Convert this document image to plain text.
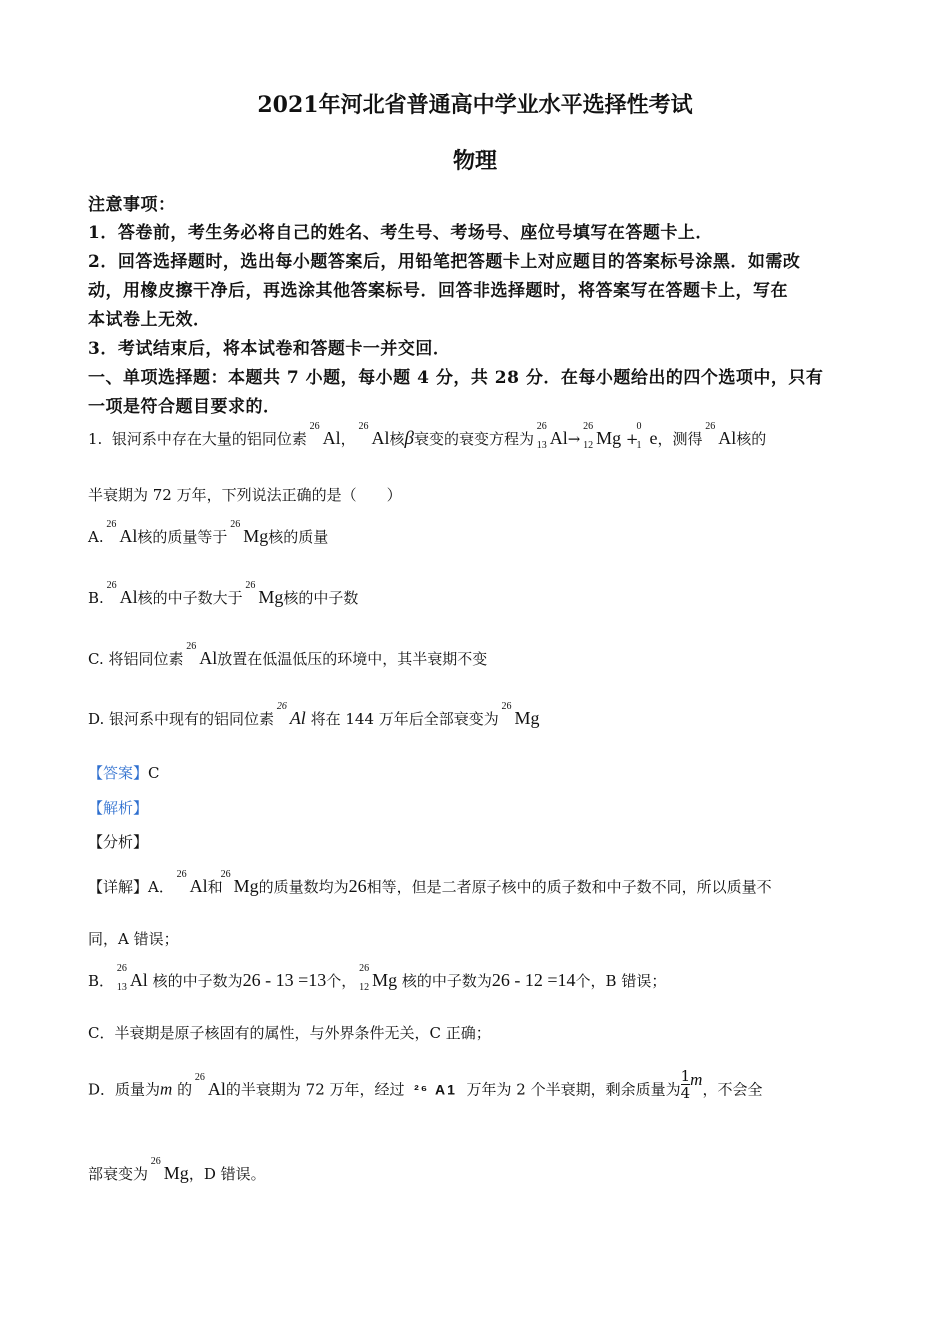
2021年河北省普通高中学业水平选择性考试
物理
注意事项：
1．答卷前，考生务必将自己的姓名、考生号、考场号、座位号填写在答题卡上．
2．回答选择题时，选出每小题答案后，用铅笔把答题卡上对应题目的答案标号涂黑．如需改
动，用橡皮擦干净后，再选涂其他答案标号．回答非选择题时，将答案写在答题卡上，写在
本试卷上无效．
3．考试结束后，将本试卷和答题卡一并交回．
一、单项选择题：本题共 7 小题，每小题 4 分，共 28 分．在每小题给出的四个选项中，只有
一项是符合题目要求的．
1. 银河系中存在大量的铝同位素
26
Al，
26
Al核β衰变的衰变方程为
26
13 Al→
26
12 Mg +
0
1 e，测得
26
Al核的
半衰期为 72 万年，下列说法正确的是（　　）
A.
26
Al核的质量等于
26
Mg核的质量
B.
26
Al核的中子数大于
26
Mg核的中子数
C. 将铝同位素
26
Al放置在低温低压的环境中，其半衰期不变
D. 银河系中现有的铝同位素
26
Al 将在 144 万年后全部衰变为
26
Mg
【答案】C
【解析】
【分析】
【详解】A．
26
Al和
26
Mg的质量数均为26相等，但是二者原子核中的质子数和中子数不同，所以质量不
同，A 错误；
B．
26
13 Al 核的中子数为26 - 13 =13个，
26
12 Mg 核的中子数为26 - 12 =14个，B 错误；
C．半衰期是原子核固有的属性，与外界条件无关，C 正确；
D．质量为m 的
26
Al的半衰期为 72 万年，经过 ²⁶ A1 万年为 2 个半衰期，剩余质量为 $\frac{1}{4}$ m，不会全
部衰变为
26
Mg，D 错误。
